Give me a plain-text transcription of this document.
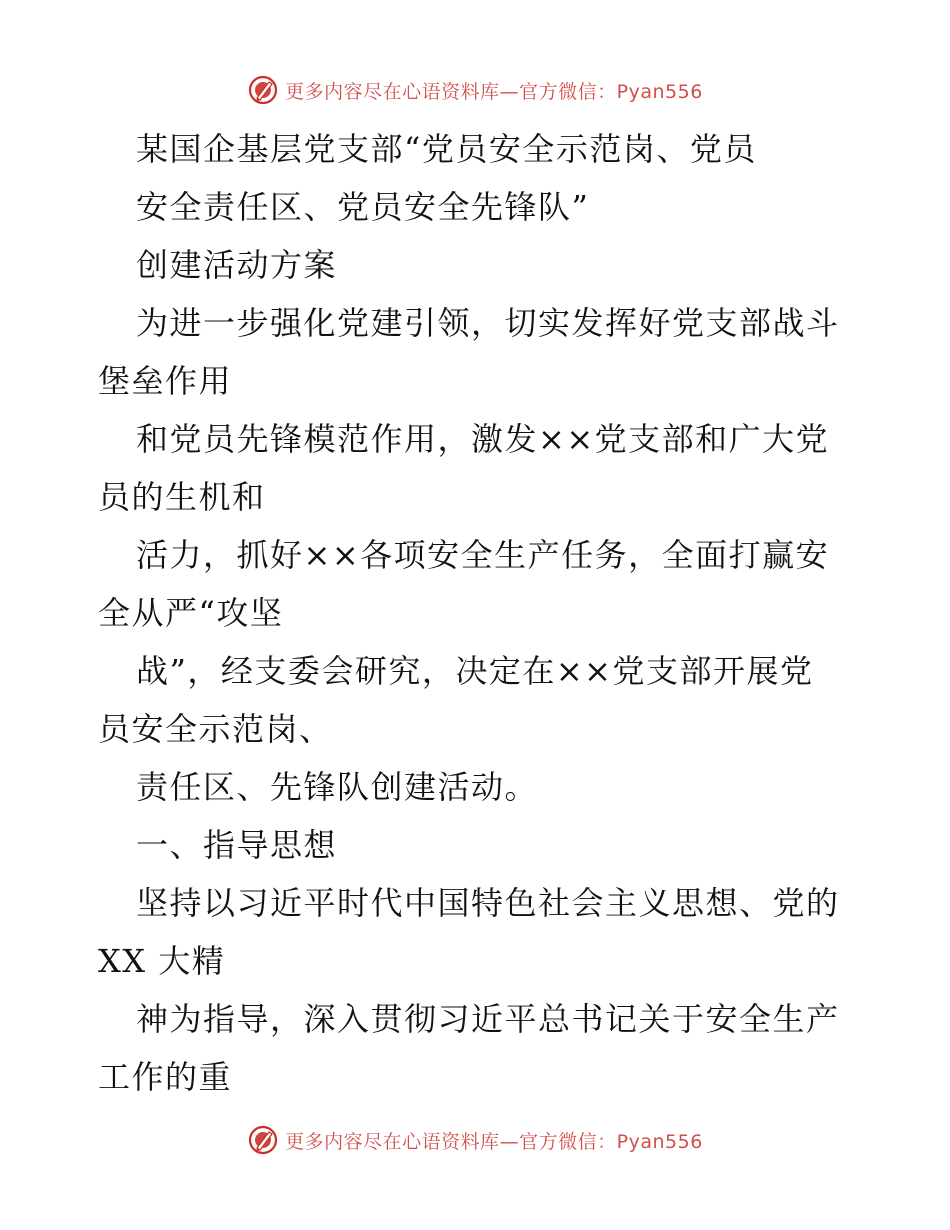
更多内容尽在心语资料库—官方微信：Pyan556
某国企基层党支部“党员安全示范岗、党员
安全责任区、党员安全先锋队”
创建活动方案
为进一步强化党建引领，切实发挥好党支部战斗
堡垒作用
和党员先锋模范作用，激发××党支部和广大党
员的生机和
活力，抓好××各项安全生产任务，全面打赢安
全从严“攻坚
战”，经支委会研究，决定在××党支部开展党
员安全示范岗、
责任区、先锋队创建活动。
一、指导思想
坚持以习近平时代中国特色社会主义思想、党的
XX 大精
神为指导，深入贯彻习近平总书记关于安全生产
工作的重
更多内容尽在心语资料库—官方微信：Pyan556
